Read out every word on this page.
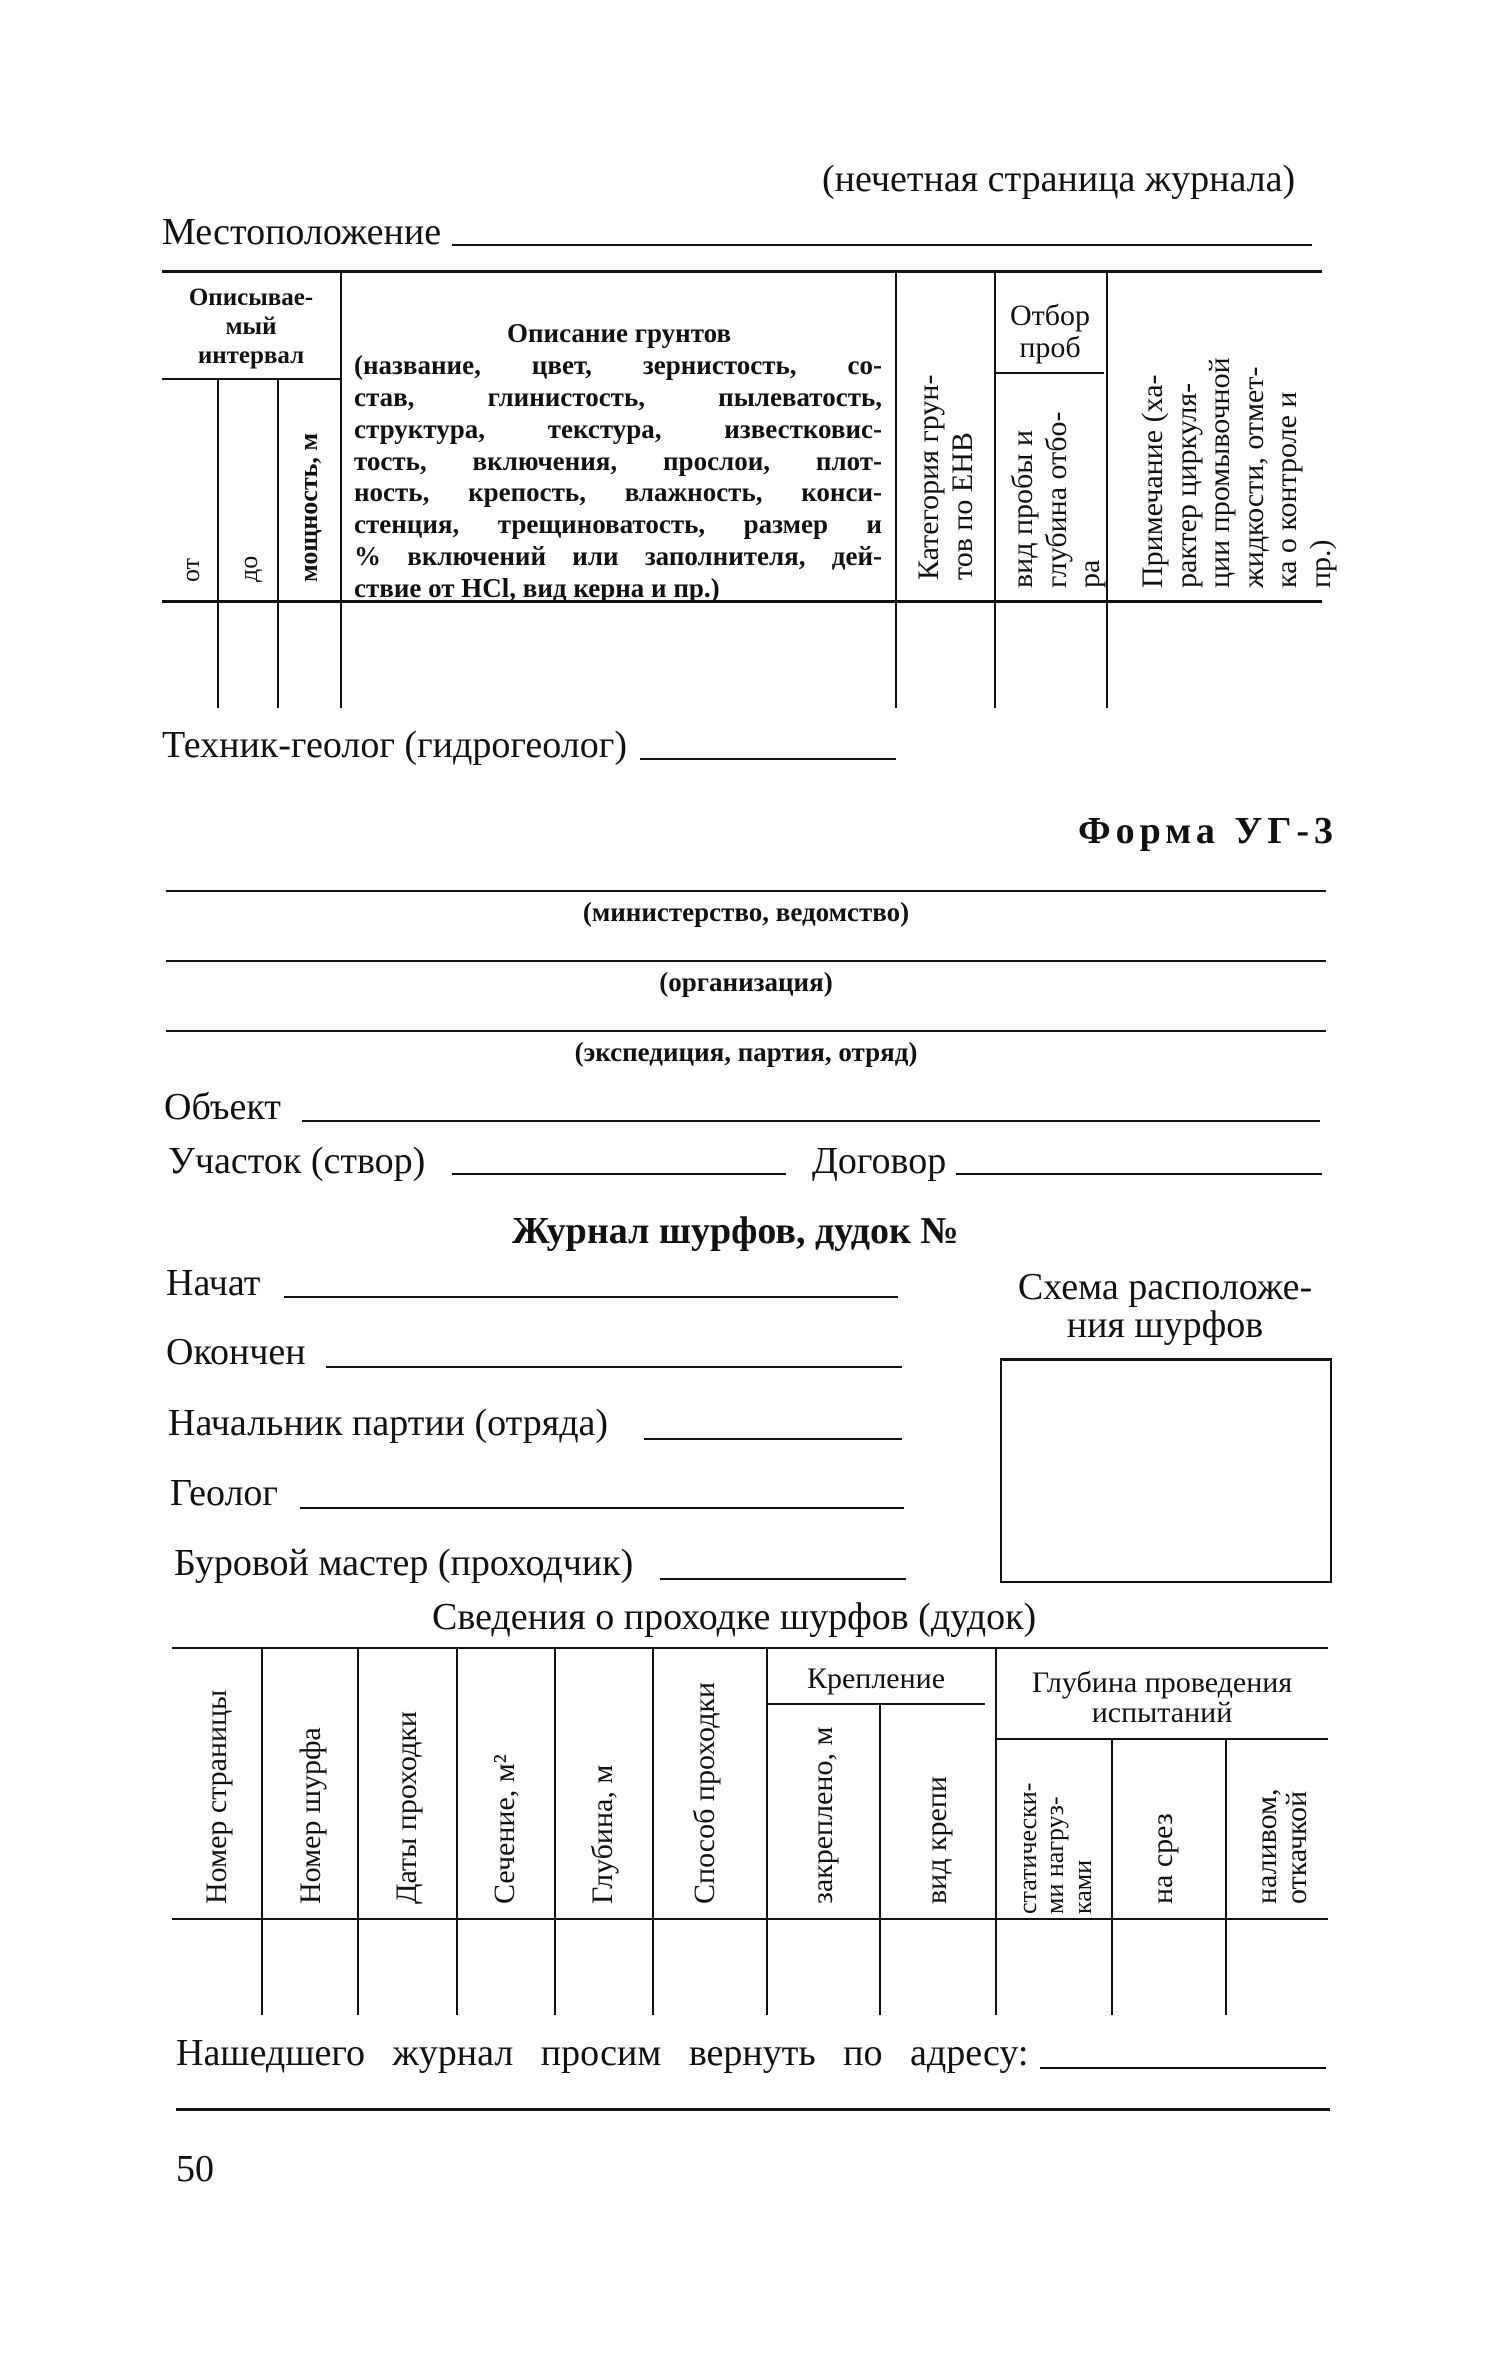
(нечетная страница журнала)
Местоположение
Описывае-
мый
интервал
от до мощность, м
Описание грунтов
(название, цвет, зернистость, со-
став, глинистость, пылеватость,
структура, текстура, известковис-
тость, включения, прослои, плот-
ность, крепость, влажность, конси-
стенция, трещиноватость, размер и
% включений или заполнителя, дей-
ствие от HCl, вид керна и пр.)
Категория грун- тов по ЕНВ
Отбор
проб
вид пробы и глубина отбо- ра Примечание (ха- рактер циркуля- ции промывочной жидкости, отмет- ка о контроле и пр.)
Техник-геолог (гидрогеолог)
Форма УГ-3
(министерство, ведомство)
(организация)
(экспедиция, партия, отряд)
Объект
Участок (створ)	Договор
Журнал шурфов, дудок №
Начат
Окончен
Начальник партии (отряда)
Геолог
Буровой мастер (проходчик)
Схема расположе-
ния шурфов
Сведения о проходке шурфов (дудок)
Номер страницы Номер шурфа Даты проходки Сечение, м² Глубина, м Способ проходки
Крепление
закреплено, м	вид крепи
Глубина проведения
испытаний
статически-
ми нагруз-
ками на срез наливом,
откачкой
Нашедшего журнал просим вернуть по адресу:
50
